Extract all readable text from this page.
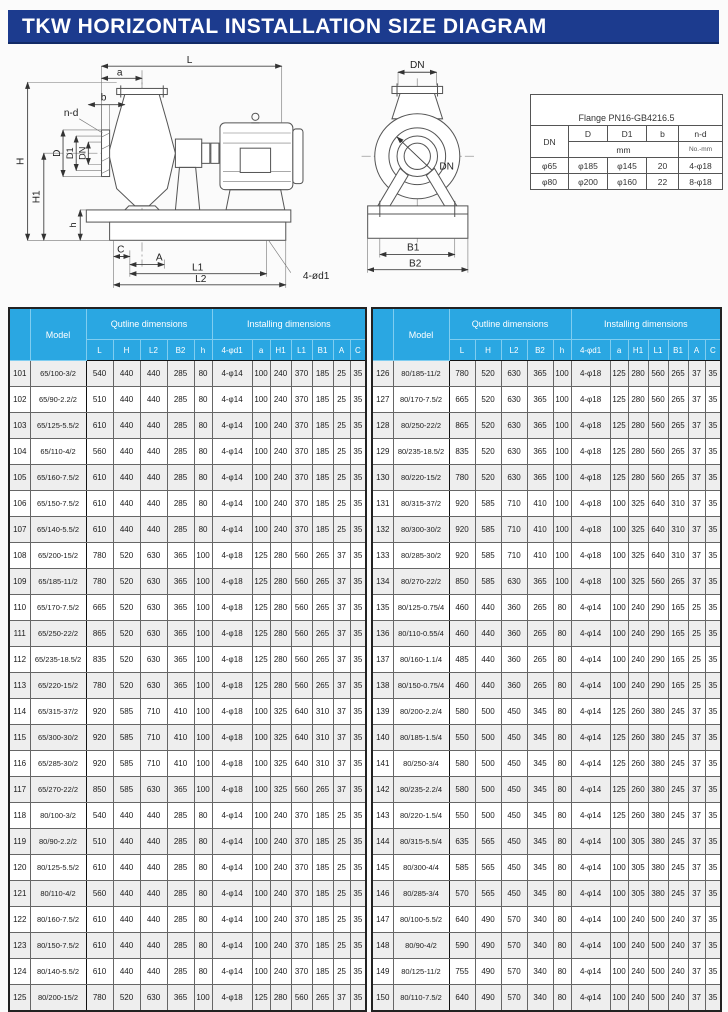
TKW HORIZONTAL INSTALLATION SIZE DIAGRAM
L
a
b
n-d
D D1 DN
H
H1
h
C
A
L1
L2	4-ød1
DN
DN
B1
B2
Flange PN16-GB4216.5				
DN	D	D1	b	n-d
	mm			No.-mm
φ65	φ185	φ145	20	4-φ18
φ80	φ200	φ160	22	8-φ18
	Model	Qutline dimensions					Installing dimensions						
		L	H	L2	B2	h	4-φd1	a	H1	L1	B1	A	C
101	65/100-3/2	540	440	440	285	80	4-φ14	100	240	370	185	25	35
102	65/90-2.2/2	510	440	440	285	80	4-φ14	100	240	370	185	25	35
103	65/125-5.5/2	610	440	440	285	80	4-φ14	100	240	370	185	25	35
104	65/110-4/2	560	440	440	285	80	4-φ14	100	240	370	185	25	35
105	65/160-7.5/2	610	440	440	285	80	4-φ14	100	240	370	185	25	35
106	65/150-7.5/2	610	440	440	285	80	4-φ14	100	240	370	185	25	35
107	65/140-5.5/2	610	440	440	285	80	4-φ14	100	240	370	185	25	35
108	65/200-15/2	780	520	630	365	100	4-φ18	125	280	560	265	37	35
109	65/185-11/2	780	520	630	365	100	4-φ18	125	280	560	265	37	35
110	65/170-7.5/2	665	520	630	365	100	4-φ18	125	280	560	265	37	35
111	65/250-22/2	865	520	630	365	100	4-φ18	125	280	560	265	37	35
112	65/235-18.5/2	835	520	630	365	100	4-φ18	125	280	560	265	37	35
113	65/220-15/2	780	520	630	365	100	4-φ18	125	280	560	265	37	35
114	65/315-37/2	920	585	710	410	100	4-φ18	100	325	640	310	37	35
115	65/300-30/2	920	585	710	410	100	4-φ18	100	325	640	310	37	35
116	65/285-30/2	920	585	710	410	100	4-φ18	100	325	640	310	37	35
117	65/270-22/2	850	585	630	365	100	4-φ18	100	325	560	265	37	35
118	80/100-3/2	540	440	440	285	80	4-φ14	100	240	370	185	25	35
119	80/90-2.2/2	510	440	440	285	80	4-φ14	100	240	370	185	25	35
120	80/125-5.5/2	610	440	440	285	80	4-φ14	100	240	370	185	25	35
121	80/110-4/2	560	440	440	285	80	4-φ14	100	240	370	185	25	35
122	80/160-7.5/2	610	440	440	285	80	4-φ14	100	240	370	185	25	35
123	80/150-7.5/2	610	440	440	285	80	4-φ14	100	240	370	185	25	35
124	80/140-5.5/2	610	440	440	285	80	4-φ14	100	240	370	185	25	35
125	80/200-15/2	780	520	630	365	100	4-φ18	125	280	560	265	37	35
	Model	Qutline dimensions					Installing dimensions						
		L	H	L2	B2	h	4-φd1	a	H1	L1	B1	A	C
126	80/185-11/2	780	520	630	365	100	4-φ18	125	280	560	265	37	35
127	80/170-7.5/2	665	520	630	365	100	4-φ18	125	280	560	265	37	35
128	80/250-22/2	865	520	630	365	100	4-φ18	125	280	560	265	37	35
129	80/235-18.5/2	835	520	630	365	100	4-φ18	125	280	560	265	37	35
130	80/220-15/2	780	520	630	365	100	4-φ18	125	280	560	265	37	35
131	80/315-37/2	920	585	710	410	100	4-φ18	100	325	640	310	37	35
132	80/300-30/2	920	585	710	410	100	4-φ18	100	325	640	310	37	35
133	80/285-30/2	920	585	710	410	100	4-φ18	100	325	640	310	37	35
134	80/270-22/2	850	585	630	365	100	4-φ18	100	325	560	265	37	35
135	80/125-0.75/4	460	440	360	265	80	4-φ14	100	240	290	165	25	35
136	80/110-0.55/4	460	440	360	265	80	4-φ14	100	240	290	165	25	35
137	80/160-1.1/4	485	440	360	265	80	4-φ14	100	240	290	165	25	35
138	80/150-0.75/4	460	440	360	265	80	4-φ14	100	240	290	165	25	35
139	80/200-2.2/4	580	500	450	345	80	4-φ14	125	260	380	245	37	35
140	80/185-1.5/4	550	500	450	345	80	4-φ14	125	260	380	245	37	35
141	80/250-3/4	580	500	450	345	80	4-φ14	125	260	380	245	37	35
142	80/235-2.2/4	580	500	450	345	80	4-φ14	125	260	380	245	37	35
143	80/220-1.5/4	550	500	450	345	80	4-φ14	125	260	380	245	37	35
144	80/315-5.5/4	635	565	450	345	80	4-φ14	100	305	380	245	37	35
145	80/300-4/4	585	565	450	345	80	4-φ14	100	305	380	245	37	35
146	80/285-3/4	570	565	450	345	80	4-φ14	100	305	380	245	37	35
147	80/100-5.5/2	640	490	570	340	80	4-φ14	100	240	500	240	37	35
148	80/90-4/2	590	490	570	340	80	4-φ14	100	240	500	240	37	35
149	80/125-11/2	755	490	570	340	80	4-φ14	100	240	500	240	37	35
150	80/110-7.5/2	640	490	570	340	80	4-φ14	100	240	500	240	37	35
